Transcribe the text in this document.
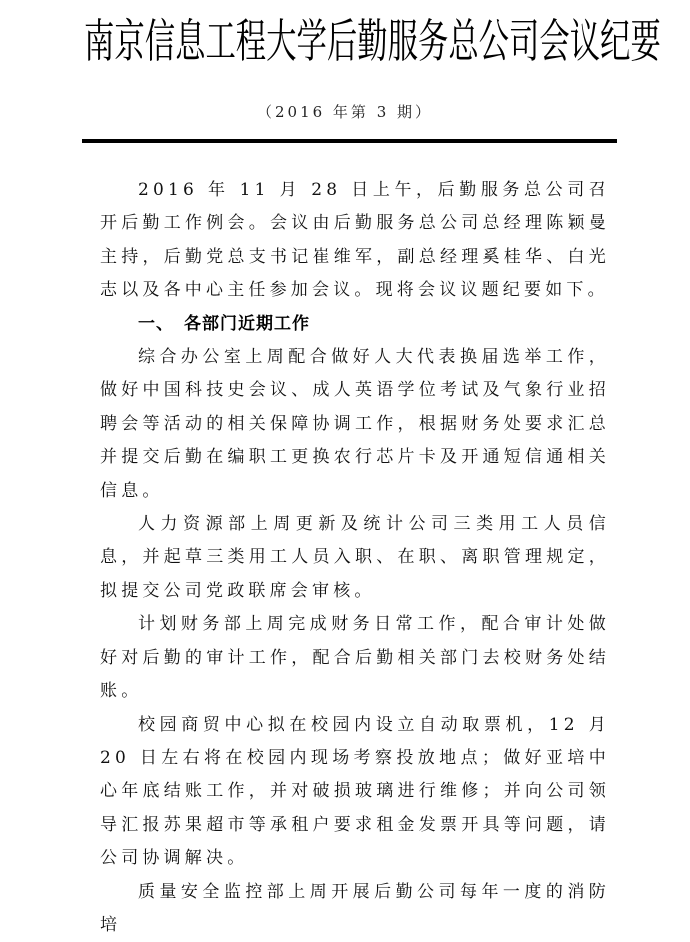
南京信息工程大学后勤服务总公司会议纪要
（2016 年第 3 期）

2016 年 11 月 28 日上午，后勤服务总公司召开后勤工作例会。会议由后勤服务总公司总经理陈颖曼主持，后勤党总支书记崔维军，副总经理奚桂华、白光志以及各中心主任参加会议。现将会议议题纪要如下。

一、 各部门近期工作

综合办公室上周配合做好人大代表换届选举工作，做好中国科技史会议、成人英语学位考试及气象行业招聘会等活动的相关保障协调工作，根据财务处要求汇总并提交后勤在编职工更换农行芯片卡及开通短信通相关信息。

人力资源部上周更新及统计公司三类用工人员信息，并起草三类用工人员入职、在职、离职管理规定，拟提交公司党政联席会审核。

计划财务部上周完成财务日常工作，配合审计处做好对后勤的审计工作，配合后勤相关部门去校财务处结账。

校园商贸中心拟在校园内设立自动取票机，12 月 20 日左右将在校园内现场考察投放地点；做好亚培中心年底结账工作，并对破损玻璃进行维修；并向公司领导汇报苏果超市等承租户要求租金发票开具等问题，请公司协调解决。

质量安全监控部上周开展后勤公司每年一度的消防培
